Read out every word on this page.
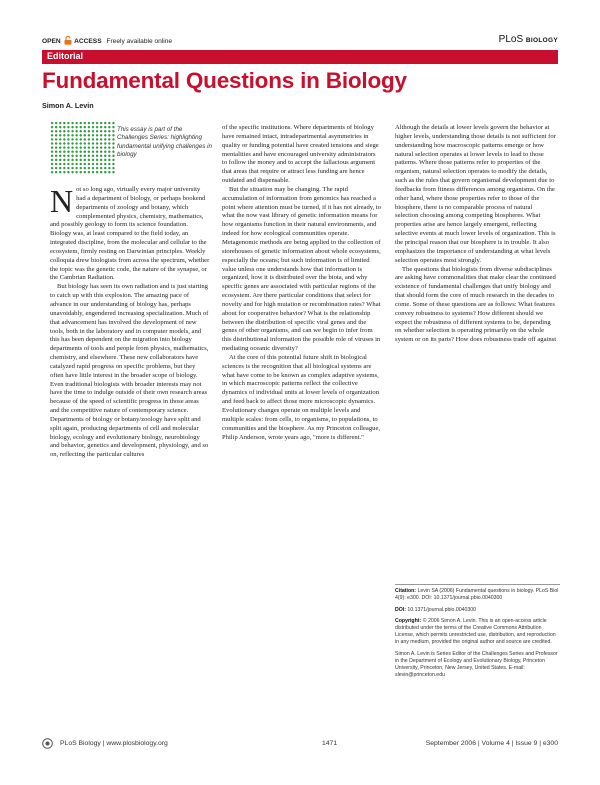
OPEN ACCESS Freely available online	PLoS BIOLOGY
Editorial
Fundamental Questions in Biology
Simon A. Levin
This essay is part of the Challenges Series: highlighting fundamental unifying challenges in biology

Not so long ago, virtually every major university had a department of biology, or perhaps bookend departments of zoology and botany, which complemented physics, chemistry, mathematics, and possibly geology to form its science foundation. Biology was, at least compared to the field today, an integrated discipline, from the molecular and cellular to the ecosystem, firmly resting on Darwinian principles. Weekly colloquia drew biologists from across the spectrum, whether the topic was the genetic code, the nature of the synapse, or the Cambrian Radiation.

But biology has seen its own radiation and is just starting to catch up with this explosion. The amazing pace of advance in our understanding of biology has, perhaps unavoidably, engendered increasing specialization. Much of that advancement has involved the development of new tools, both in the laboratory and in computer models, and this has been dependent on the migration into biology departments of tools and people from physics, mathematics, chemistry, and elsewhere. These new collaborators have catalyzed rapid progress on specific problems, but they often have little interest in the broader scope of biology. Even traditional biologists with broader interests may not have the time to indulge outside of their own research areas because of the speed of scientific progress in those areas and the competitive nature of contemporary science. Departments of biology or botany/zoology have split and split again, producing departments of cell and molecular biology, ecology and evolutionary biology, neurobiology and behavior, genetics and development, physiology, and so on, reflecting the particular cultures

of the specific institutions. Where departments of biology have remained intact, intradepartmental asymmetries in quality or funding potential have created tensions and siege mentalities and have encouraged university administrators to follow the money and to accept the fallacious argument that areas that require or attract less funding are hence outdated and dispensable.

But the situation may be changing. The rapid accumulation of information from genomics has reached a point where attention must be turned, if it has not already, to what the now vast library of genetic information means for how organisms function in their natural environments, and indeed for how ecological communities operate. Metagenomic methods are being applied to the collection of storehouses of genetic information about whole ecosystems, especially the oceans; but such information is of limited value unless one understands how that information is organized, how it is distributed over the biota, and why specific genes are associated with particular regions of the ecosystem. Are there particular conditions that select for novelty and for high mutation or recombination rates? What about for cooperative behavior? What is the relationship between the distribution of specific viral genes and the genes of other organisms, and can we begin to infer from this distributional information the possible role of viruses in mediating oceanic diversity?

At the core of this potential future shift in biological sciences is the recognition that all biological systems are what have come to be known as complex adaptive systems, in which macroscopic patterns reflect the collective dynamics of individual units at lower levels of organization and feed back to affect those more microscopic dynamics. Evolutionary changes operate on multiple levels and multiple scales: from cells, to organisms, to populations, to communities and the biosphere. As my Princeton colleague, Philip Anderson, wrote years ago, "more is different."

Although the details at lower levels govern the behavior at higher levels, understanding those details is not sufficient for understanding how macroscopic patterns emerge or how natural selection operates at lower levels to lead to those patterns. Where those patterns refer to properties of the organism, natural selection operates to modify the details, such as the rules that govern organismal development due to feedbacks from fitness differences among organisms. On the other hand, where those properties refer to those of the biosphere, there is no comparable process of natural selection choosing among competing biospheres. What properties arise are hence largely emergent, reflecting selective events at much lower levels of organization. This is the principal reason that our biosphere is in trouble. It also emphasizes the importance of understanding at what levels selection operates most strongly.

The questions that biologists from diverse subdisciplines are asking have commonalities that make clear the continued existence of fundamental challenges that unify biology and that should form the core of much research in the decades to come. Some of these questions are as follows: What features convey robustness to systems? How different should we expect the robustness of different systems to be, depending on whether selection is operating primarily on the whole system or on its parts? How does robustness trade off against

Citation: Levin SA (2006) Fundamental questions in biology. PLoS Biol 4(9): e300. DOI: 10.1371/journal.pbio.0040300
DOI: 10.1371/journal.pbio.0040300
Copyright: © 2006 Simon A. Levin. This is an open-access article distributed under the terms of the Creative Commons Attribution License, which permits unrestricted use, distribution, and reproduction in any medium, provided the original author and source are credited.
Simon A. Levin is Series Editor of the Challenges Series and Professor in the Department of Ecology and Evolutionary Biology, Princeton University, Princeton, New Jersey, United States. E-mail: slevin@princeton.edu
PLoS Biology | www.plosbiology.org	1471	September 2006 | Volume 4 | Issue 9 | e300
